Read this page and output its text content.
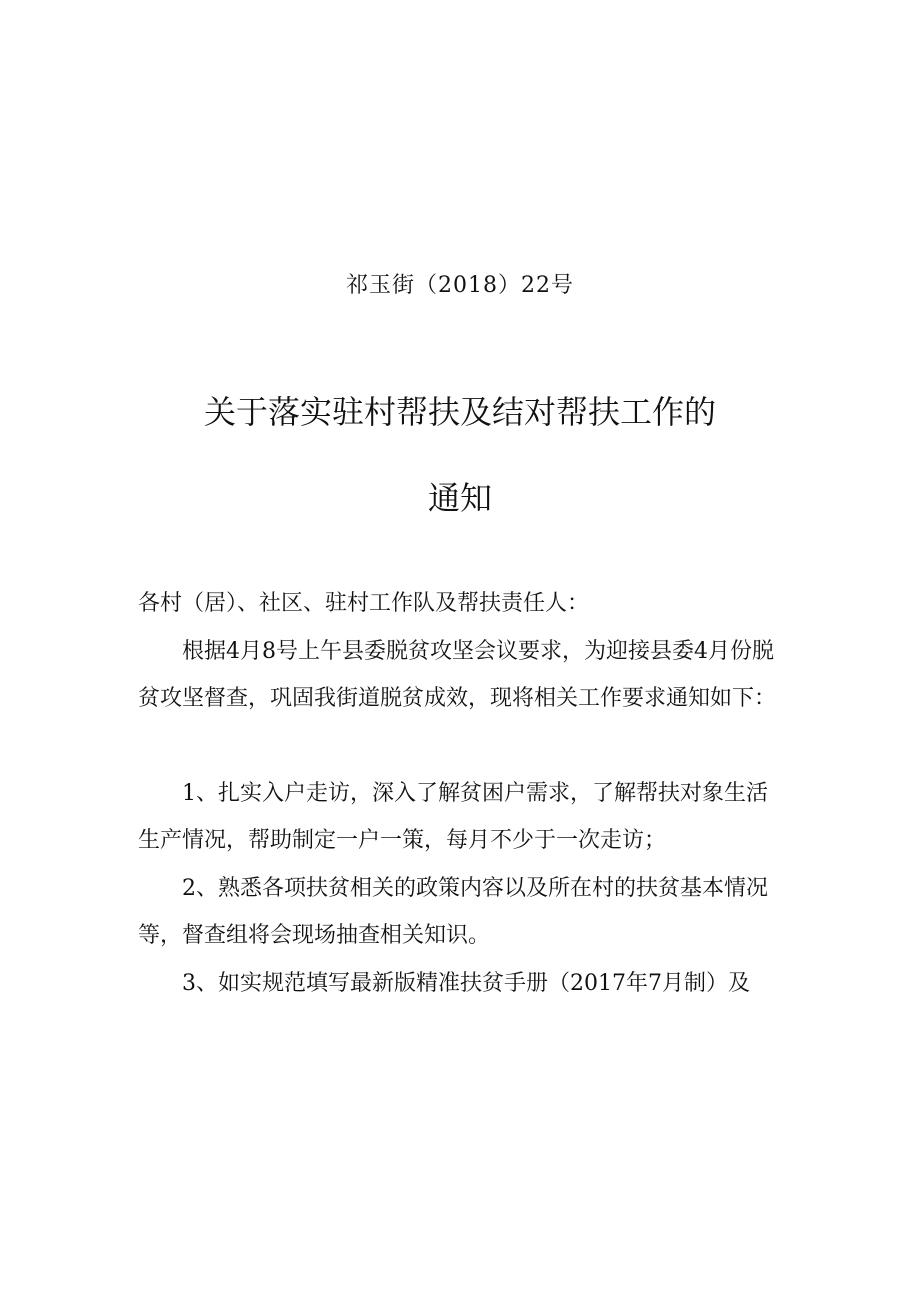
祁玉街（2018）22号
关于落实驻村帮扶及结对帮扶工作的
通知
各村（居）、社区、驻村工作队及帮扶责任人：

根据4月8号上午县委脱贫攻坚会议要求，为迎接县委4月份脱贫攻坚督查，巩固我街道脱贫成效，现将相关工作要求通知如下：

1、扎实入户走访，深入了解贫困户需求，了解帮扶对象生活生产情况，帮助制定一户一策，每月不少于一次走访；

2、熟悉各项扶贫相关的政策内容以及所在村的扶贫基本情况等，督查组将会现场抽查相关知识。

3、如实规范填写最新版精准扶贫手册（2017年7月制）及
